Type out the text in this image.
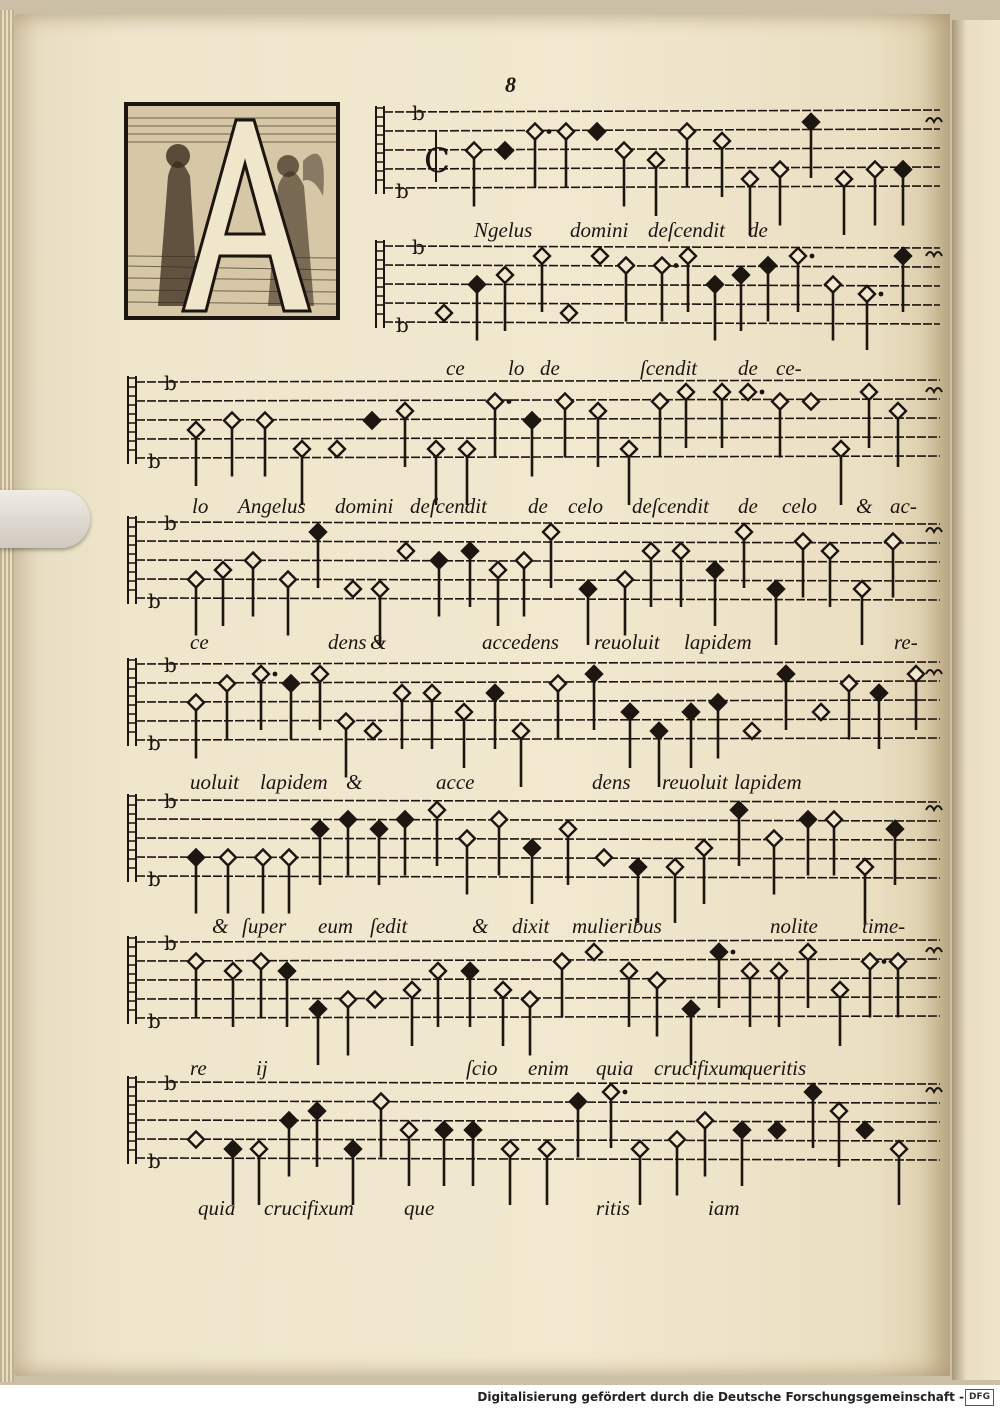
8
b
b
C
b
b
b
b
b
b
b
b
b
b
b
b
b
b
Ngelus domini deſcendit de
ce lo de	ſcendit de ce-
lo Angelus domini deſcendit de celo deſcendit de celo & ac-
ce	dens &	accedens reuoluit lapidem	re-
uoluit lapidem &	acce	dens reuoluit lapidem
& ſuper eum ſedit	& dixit mulieribus	nolite time-
re ij	ſcio enim quia crucifixum
queritis
quia crucifixum que	ritis	iam
Digitalisierung gefördert durch die Deutsche Forschungsgemeinschaft - DFG
